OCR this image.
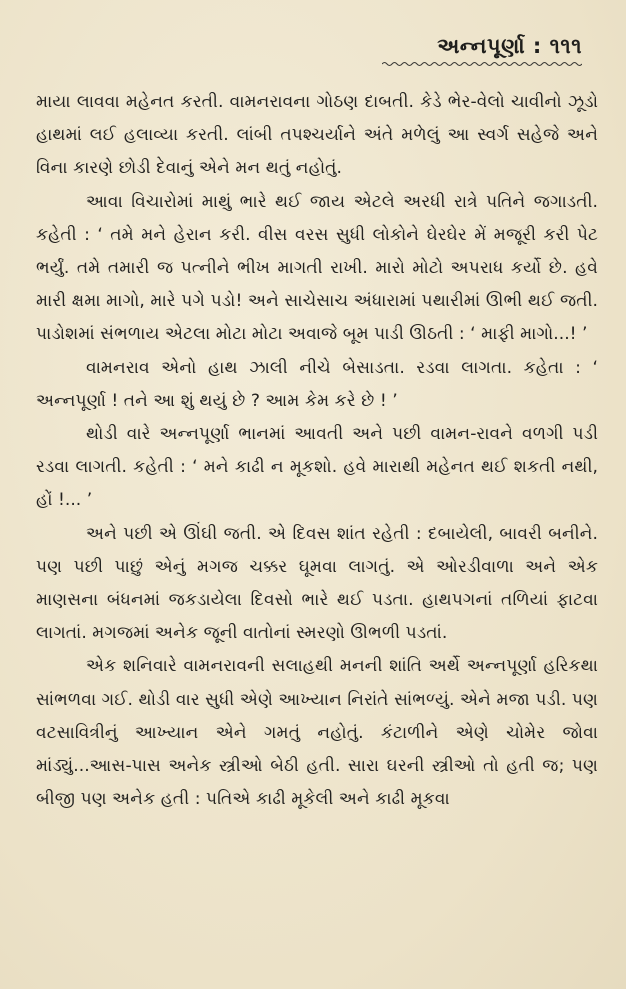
અન્નપૂર્ણા : ૧૧૧

માયા લાવવા મહેનત કરતી. વામનરાવના ગોઠણ દાબતી. કેડે ભેર-વેલો ચાવીનો ઝૂડો હાથમાં લઈ હલાવ્યા કરતી. લાંબી તપશ્ચર્યાને અંતે મળેલું આ સ્વર્ગ સહેજે અને વિના કારણે છોડી દેવાનું એને મન થતું નહોતું.

આવા વિચારોમાં માથું ભારે થઈ જાય એટલે અરધી રાત્રે પતિને જગાડતી. કહેતી : ‘ તમે મને હેરાન કરી. વીસ વરસ સુધી લોકોને ઘેરઘેર મેં મજૂરી કરી પેટ ભર્યું. તમે તમારી જ પત્નીને ભીખ માગતી રાખી. મારો મોટો અપરાધ કર્યો છે. હવે મારી ક્ષમા માગો, મારે પગે પડો! અને સાચેસાચ અંધારામાં પથારીમાં ઊભી થઈ જતી. પાડોશમાં સંભળાય એટલા મોટા મોટા અવાજે બૂમ પાડી ઊઠતી : ‘ માફી માગો...! ’

વામનરાવ એનો હાથ ઝાલી નીચે બેસાડતા. રડવા લાગતા. કહેતા : ‘ અન્નપૂર્ણા ! તને આ શું થયું છે ? આમ કેમ કરે છે ! ’

થોડી વારે અન્નપૂર્ણા ભાનમાં આવતી અને પછી વામન-રાવને વળગી પડી રડવા લાગતી. કહેતી : ‘ મને કાઢી ન મૂકશો. હવે મારાથી મહેનત થઈ શકતી નથી, હોં !... ’

અને પછી એ ઊંઘી જતી. એ દિવસ શાંત રહેતી : દબાયેલી, બાવરી બનીને. પણ પછી પાછું એનું મગજ ચક્કર ઘૂમવા લાગતું. એ ઓરડીવાળા અને એક માણસના બંધનમાં જકડાયેલા દિવસો ભારે થઈ પડતા. હાથપગનાં તળિયાં ફાટવા લાગતાં. મગજમાં અનેક જૂની વાતોનાં સ્મરણો ઊભળી પડતાં.

એક શનિવારે વામનરાવની સલાહથી મનની શાંતિ અર્થે અન્નપૂર્ણા હરિકથા સાંભળવા ગઈ. થોડી વાર સુધી એણે આખ્યાન નિરાંતે સાંભળ્યું. એને મજા પડી. પણ વટસાવિત્રીનું આખ્યાન એને ગમતું નહોતું. કંટાળીને એણે ચોમેર જોવા માંડ્યું...આસ-પાસ અનેક સ્ત્રીઓ બેઠી હતી. સારા ઘરની સ્ત્રીઓ તો હતી જ; પણ બીજી પણ અનેક હતી : પતિએ કાઢી મૂકેલી અને કાઢી મૂકવા
